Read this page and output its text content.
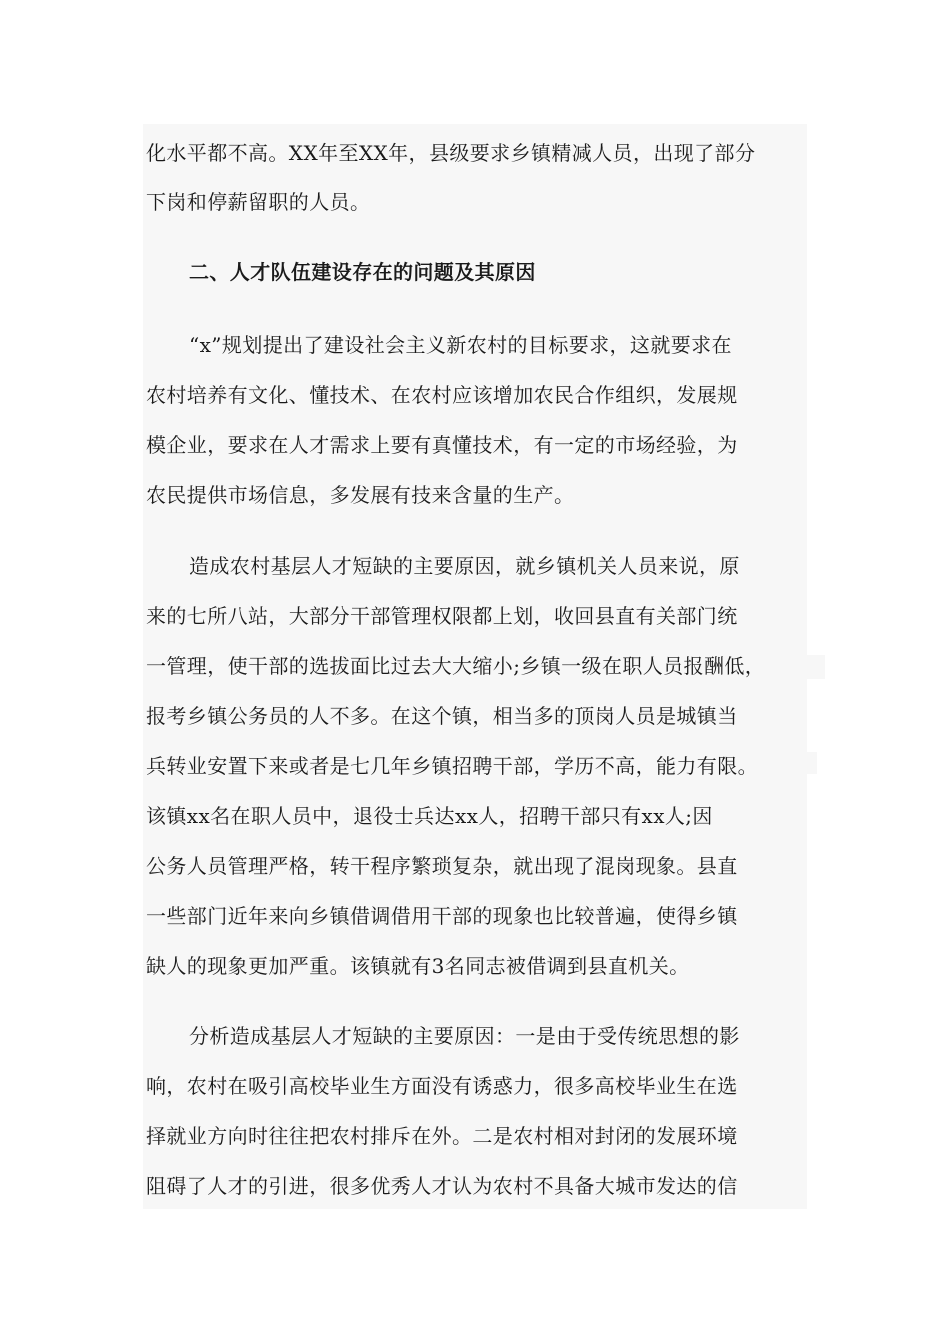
化水平都不高。XX年至XX年，县级要求乡镇精减人员，出现了部分
下岗和停薪留职的人员。
二、人才队伍建设存在的问题及其原因
“x”规划提出了建设社会主义新农村的目标要求，这就要求在
农村培养有文化、懂技术、在农村应该增加农民合作组织，发展规
模企业，要求在人才需求上要有真懂技术，有一定的市场经验，为
农民提供市场信息，多发展有技来含量的生产。
造成农村基层人才短缺的主要原因，就乡镇机关人员来说，原
来的七所八站，大部分干部管理权限都上划，收回县直有关部门统
一管理，使干部的选拔面比过去大大缩小;乡镇一级在职人员报酬低，
报考乡镇公务员的人不多。在这个镇，相当多的顶岗人员是城镇当
兵转业安置下来或者是七几年乡镇招聘干部，学历不高，能力有限。
该镇xx名在职人员中，退役士兵达xx人，招聘干部只有xx人;因
公务人员管理严格，转干程序繁琐复杂，就出现了混岗现象。县直
一些部门近年来向乡镇借调借用干部的现象也比较普遍，使得乡镇
缺人的现象更加严重。该镇就有3名同志被借调到县直机关。
分析造成基层人才短缺的主要原因：一是由于受传统思想的影
响，农村在吸引高校毕业生方面没有诱惑力，很多高校毕业生在选
择就业方向时往往把农村排斥在外。二是农村相对封闭的发展环境
阻碍了人才的引进，很多优秀人才认为农村不具备大城市发达的信
